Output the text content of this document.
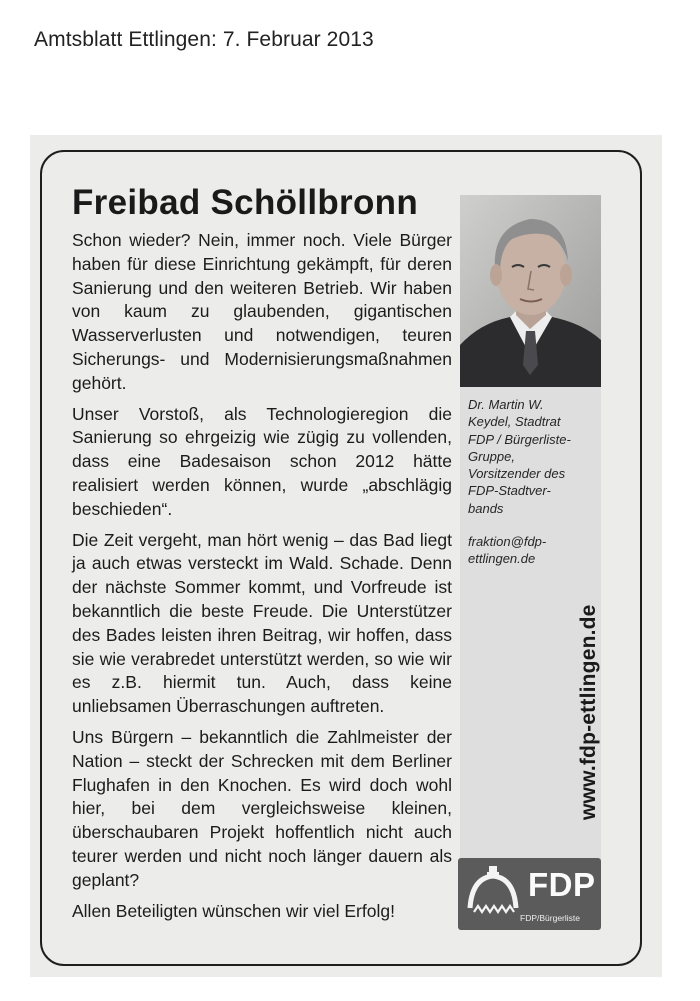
Amtsblatt Ettlingen: 7. Februar 2013
Freibad Schöllbronn

Schon wieder? Nein, immer noch. Viele Bürger haben für diese Einrichtung gekämpft, für deren Sanierung und den weiteren Betrieb. Wir haben von kaum zu glaubenden, gigantischen Wasserverlusten und notwendigen, teuren Sicherungs- und Modernisierungsmaßnahmen gehört.

Unser Vorstoß, als Technologieregion die Sanierung so ehrgeizig wie zügig zu vollenden, dass eine Badesaison schon 2012 hätte realisiert werden können, wurde „abschlägig beschieden“.

Die Zeit vergeht, man hört wenig – das Bad liegt ja auch etwas versteckt im Wald. Schade. Denn der nächste Sommer kommt, und Vorfreude ist bekanntlich die beste Freude. Die Unterstützer des Bades leisten ihren Beitrag, wir hoffen, dass sie wie verabredet unterstützt werden, so wie wir es z.B. hiermit tun. Auch, dass keine unliebsamen Überraschungen auftreten.

Uns Bürgern – bekanntlich die Zahlmeister der Nation – steckt der Schrecken mit dem Berliner Flughafen in den Knochen. Es wird doch wohl hier, bei dem vergleichsweise kleinen, überschaubaren Projekt hoffentlich nicht auch teurer werden und nicht noch länger dauern als geplant?

Allen Beteiligten wünschen wir viel Erfolg!

Dr. Martin W.
Keydel, Stadtrat
FDP / Bürgerliste-
Gruppe,
Vorsitzender des
FDP-Stadtver-
bands
fraktion@fdp-
ettlingen.de
www.fdp-ettlingen.de
FDP
FDP/Bürgerliste
